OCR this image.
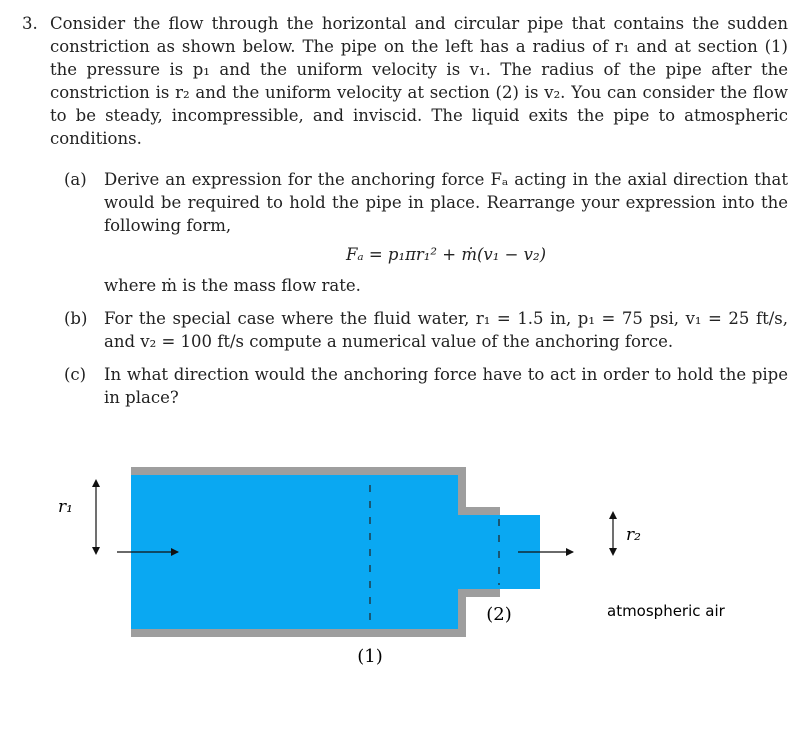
3. Consider the flow through the horizontal and circular pipe that contains the sudden constriction as shown below. The pipe on the left has a radius of r₁ and at section (1) the pressure is p₁ and the uniform velocity is v₁. The radius of the pipe after the constriction is r₂ and the uniform velocity at section (2) is v₂. You can consider the flow to be steady, incompressible, and inviscid. The liquid exits the pipe to atmospheric conditions.
(a)	Derive an expression for the anchoring force Fₐ acting in the axial direction that would be required to hold the pipe in place. Rearrange your expression into the following form,
Fₐ = p₁πr₁² + ṁ(v₁ − v₂)
where ṁ is the mass flow rate.
(b)	For the special case where the fluid water, r₁ = 1.5 in, p₁ = 75 psi, v₁ = 25 ft/s, and v₂ = 100 ft/s compute a numerical value of the anchoring force.
(c)	In what direction would the anchoring force have to act in order to hold the pipe in place?
r₁
r₂
(1)
(2)	atmospheric air
